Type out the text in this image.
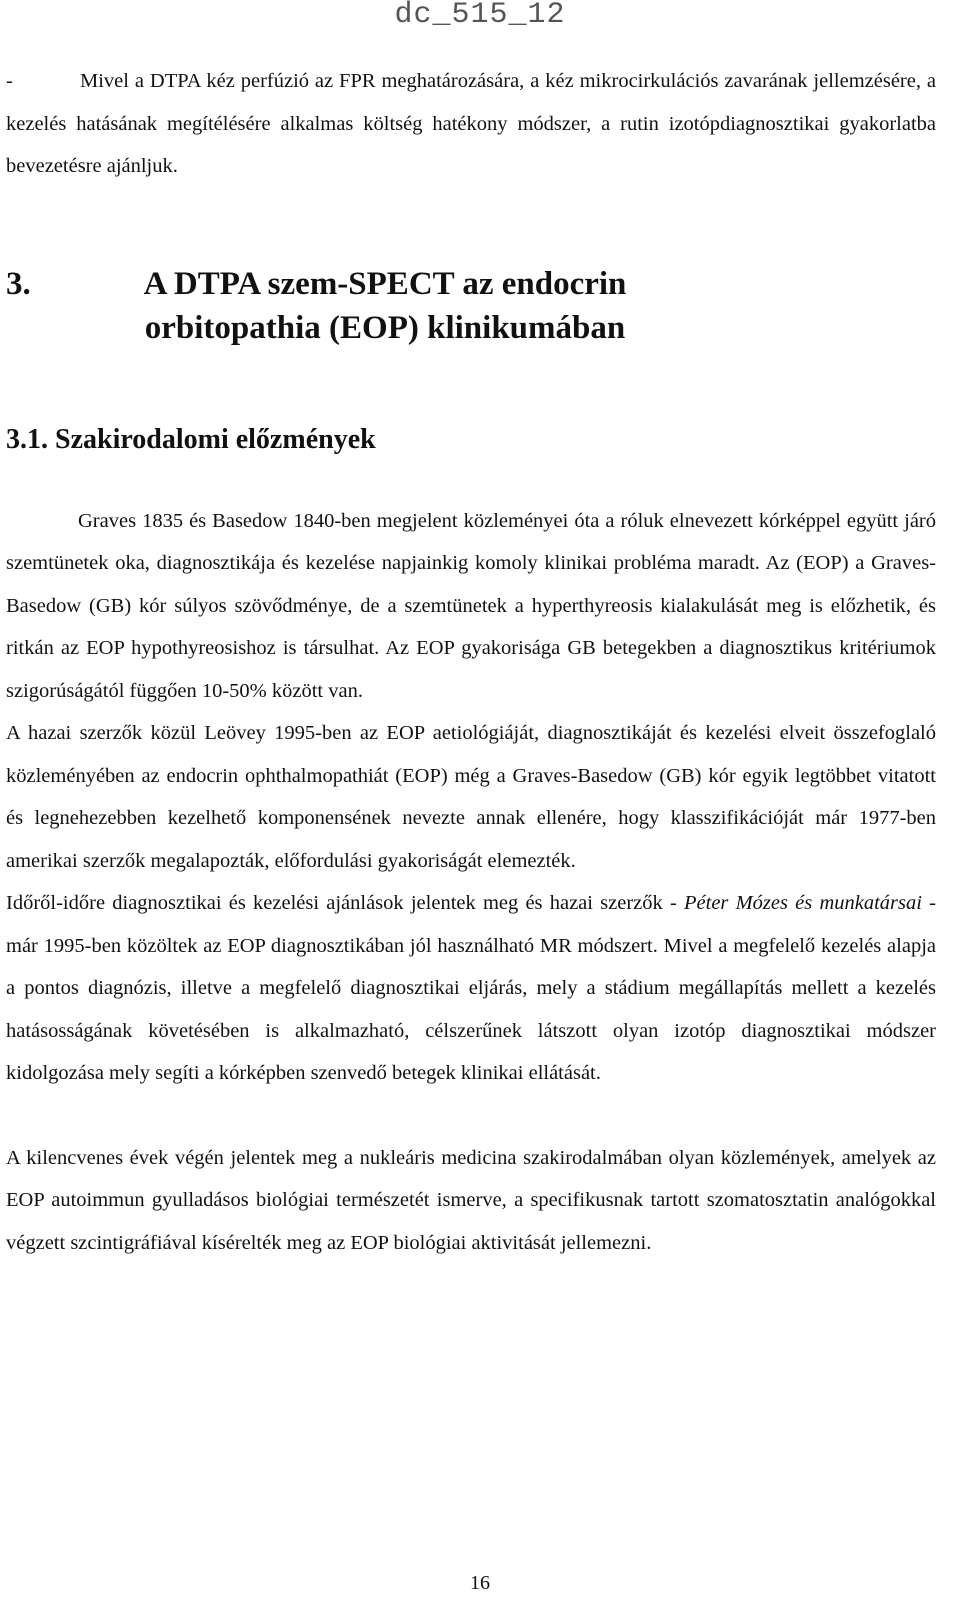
dc_515_12

-	Mivel a DTPA kéz perfúzió az FPR meghatározására, a kéz mikrocirkulációs zavarának jellemzésére, a kezelés hatásának megítélésére alkalmas költség hatékony módszer, a rutin izotópdiagnosztikai gyakorlatba bevezetésre ajánljuk.

3.	A DTPA szem-SPECT az endocrin orbitopathia (EOP) klinikumában
3.1. Szakirodalomi előzmények

Graves 1835 és Basedow 1840-ben megjelent közleményei óta a róluk elnevezett kórképpel együtt járó szemtünetek oka, diagnosztikája és kezelése napjainkig komoly klinikai probléma maradt. Az (EOP) a Graves-Basedow (GB) kór súlyos szövődménye, de a szemtünetek a hyperthyreosis kialakulását meg is előzhetik, és ritkán az EOP hypothyreosishoz is társulhat. Az EOP gyakorisága GB betegekben a diagnosztikus kritériumok szigorúságától függően 10-50% között van.

A hazai szerzők közül Leövey 1995-ben az EOP aetiológiáját, diagnosztikáját és kezelési elveit összefoglaló közleményében az endocrin ophthalmopathiát (EOP) még a Graves-Basedow (GB) kór egyik legtöbbet vitatott és legnehezebben kezelhető komponensének nevezte annak ellenére, hogy klasszifikációját már 1977-ben amerikai szerzők megalapozták, előfordulási gyakoriságát elemezték.

Időről-időre diagnosztikai és kezelési ajánlások jelentek meg és hazai szerzők - Péter Mózes és munkatársai - már 1995-ben közöltek az EOP diagnosztikában jól használható MR módszert. Mivel a megfelelő kezelés alapja a pontos diagnózis, illetve a megfelelő diagnosztikai eljárás, mely a stádium megállapítás mellett a kezelés hatásosságának követésében is alkalmazható, célszerűnek látszott olyan izotóp diagnosztikai módszer kidolgozása mely segíti a kórképben szenvedő betegek klinikai ellátását.

A kilencvenes évek végén jelentek meg a nukleáris medicina szakirodalmában olyan közlemények, amelyek az EOP autoimmun gyulladásos biológiai természetét ismerve, a specifikusnak tartott szomatosztatin analógokkal végzett szcintigráfiával kísérelték meg az EOP biológiai aktivitását jellemezni.

16
